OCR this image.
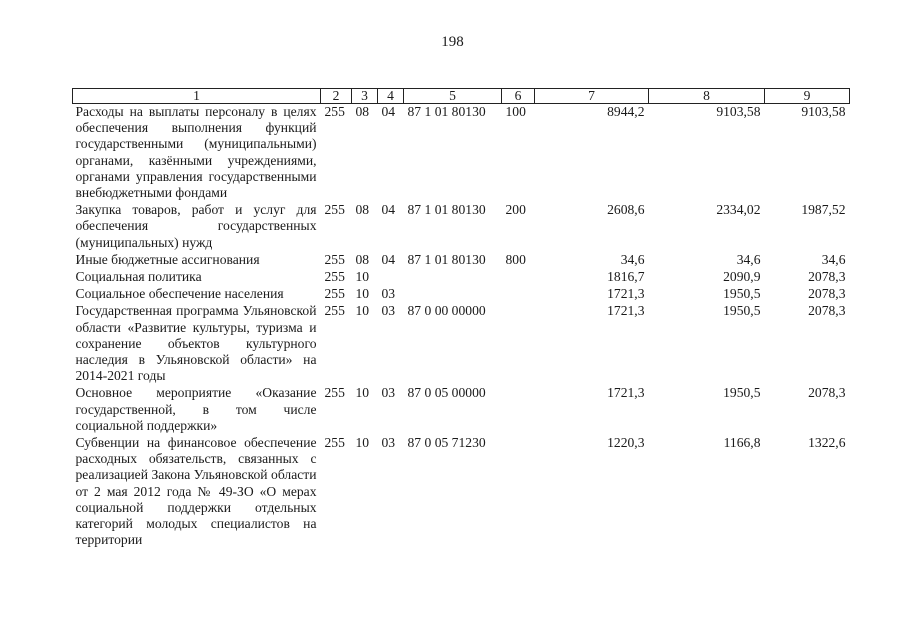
198
1	2	3	4	5	6	7	8	9
Расходы на выплаты персоналу в целях обеспечения выполнения функций государственными (муниципальными) органами, казёнными учреждениями, органами управления государственными внебюджетными фондами	255	08	04	87 1 01 80130	100	8944,2	9103,58	9103,58
Закупка товаров, работ и услуг для обеспечения государственных (муниципальных) нужд	255	08	04	87 1 01 80130	200	2608,6	2334,02	1987,52
Иные бюджетные ассигнования	255	08	04	87 1 01 80130	800	34,6	34,6	34,6
Социальная политика	255	10				1816,7	2090,9	2078,3
Социальное обеспечение населения	255	10	03			1721,3	1950,5	2078,3
Государственная программа Ульяновской области «Развитие культуры, туризма и сохранение объектов культурного наследия в Ульяновской области» на 2014-2021 годы	255	10	03	87 0 00 00000		1721,3	1950,5	2078,3
Основное мероприятие «Оказание государственной, в том числе социальной поддержки»	255	10	03	87 0 05 00000		1721,3	1950,5	2078,3
Субвенции на финансовое обеспечение расходных обязательств, связанных с реализацией Закона Ульяновской области от 2 мая 2012 года № 49-ЗО «О мерах социальной поддержки отдельных категорий молодых специалистов на территории	255	10	03	87 0 05 71230		1220,3	1166,8	1322,6
